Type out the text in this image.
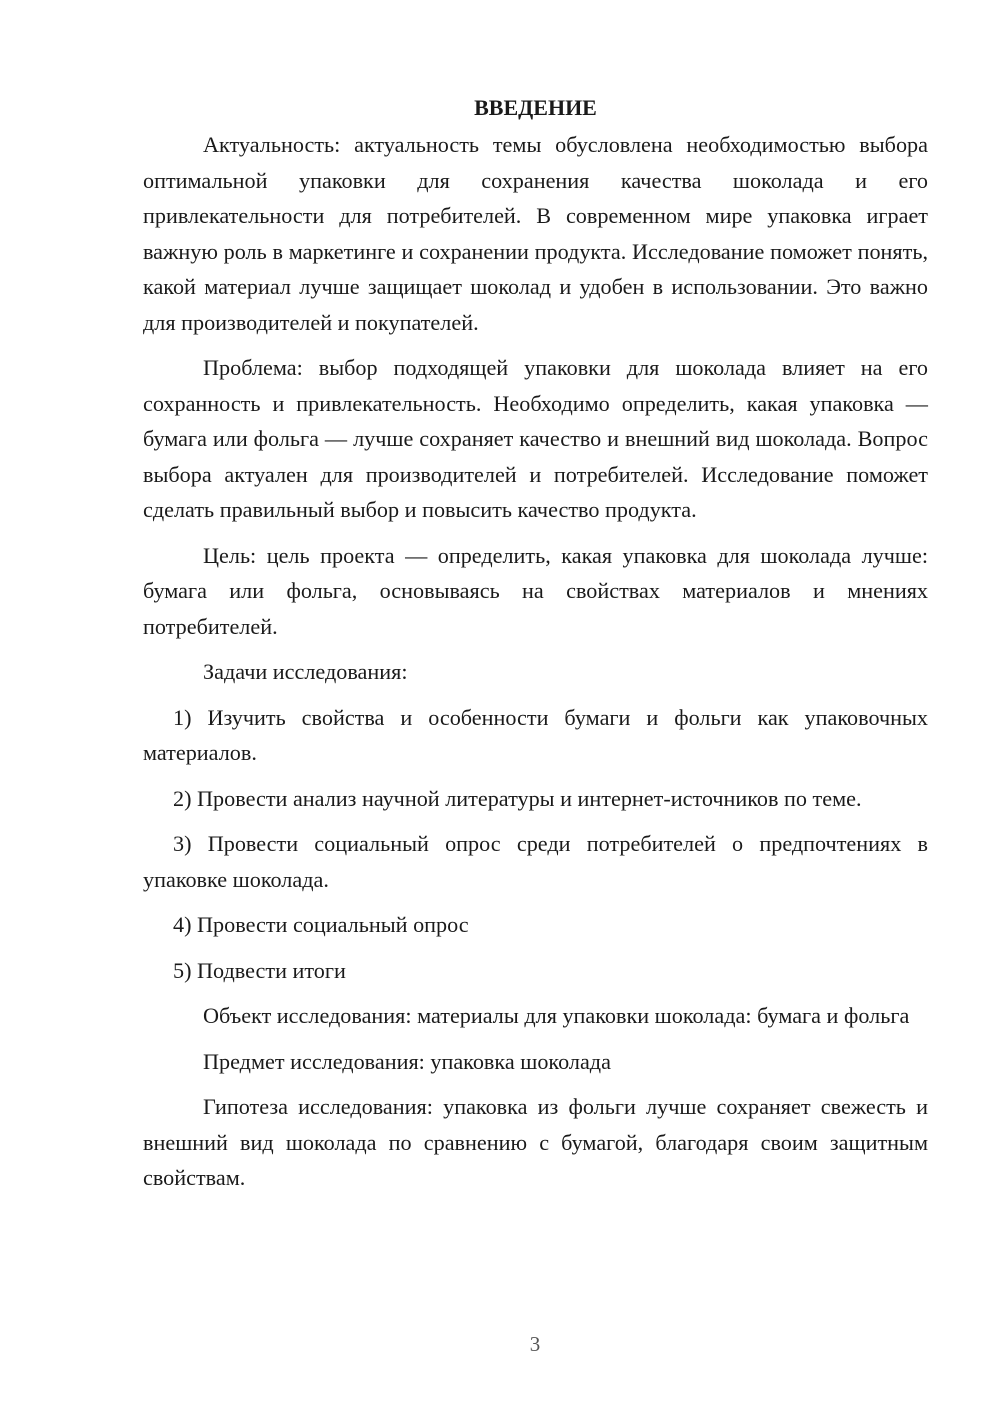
ВВЕДЕНИЕ

Актуальность: актуальность темы обусловлена необходимостью выбора оптимальной упаковки для сохранения качества шоколада и его привлекательности для потребителей. В современном мире упаковка играет важную роль в маркетинге и сохранении продукта. Исследование поможет понять, какой материал лучше защищает шоколад и удобен в использовании. Это важно для производителей и покупателей.

Проблема: выбор подходящей упаковки для шоколада влияет на его сохранность и привлекательность. Необходимо определить, какая упаковка — бумага или фольга — лучше сохраняет качество и внешний вид шоколада. Вопрос выбора актуален для производителей и потребителей. Исследование поможет сделать правильный выбор и повысить качество продукта.

Цель: цель проекта — определить, какая упаковка для шоколада лучше: бумага или фольга, основываясь на свойствах материалов и мнениях потребителей.

Задачи исследования:

1) Изучить свойства и особенности бумаги и фольги как упаковочных материалов.

2) Провести анализ научной литературы и интернет-источников по теме.

3) Провести социальный опрос среди потребителей о предпочтениях в упаковке шоколада.

4) Провести социальный опрос

5) Подвести итоги

Объект исследования: материалы для упаковки шоколада: бумага и фольга

Предмет исследования: упаковка шоколада

Гипотеза исследования: упаковка из фольги лучше сохраняет свежесть и внешний вид шоколада по сравнению с бумагой, благодаря своим защитным свойствам.

3
